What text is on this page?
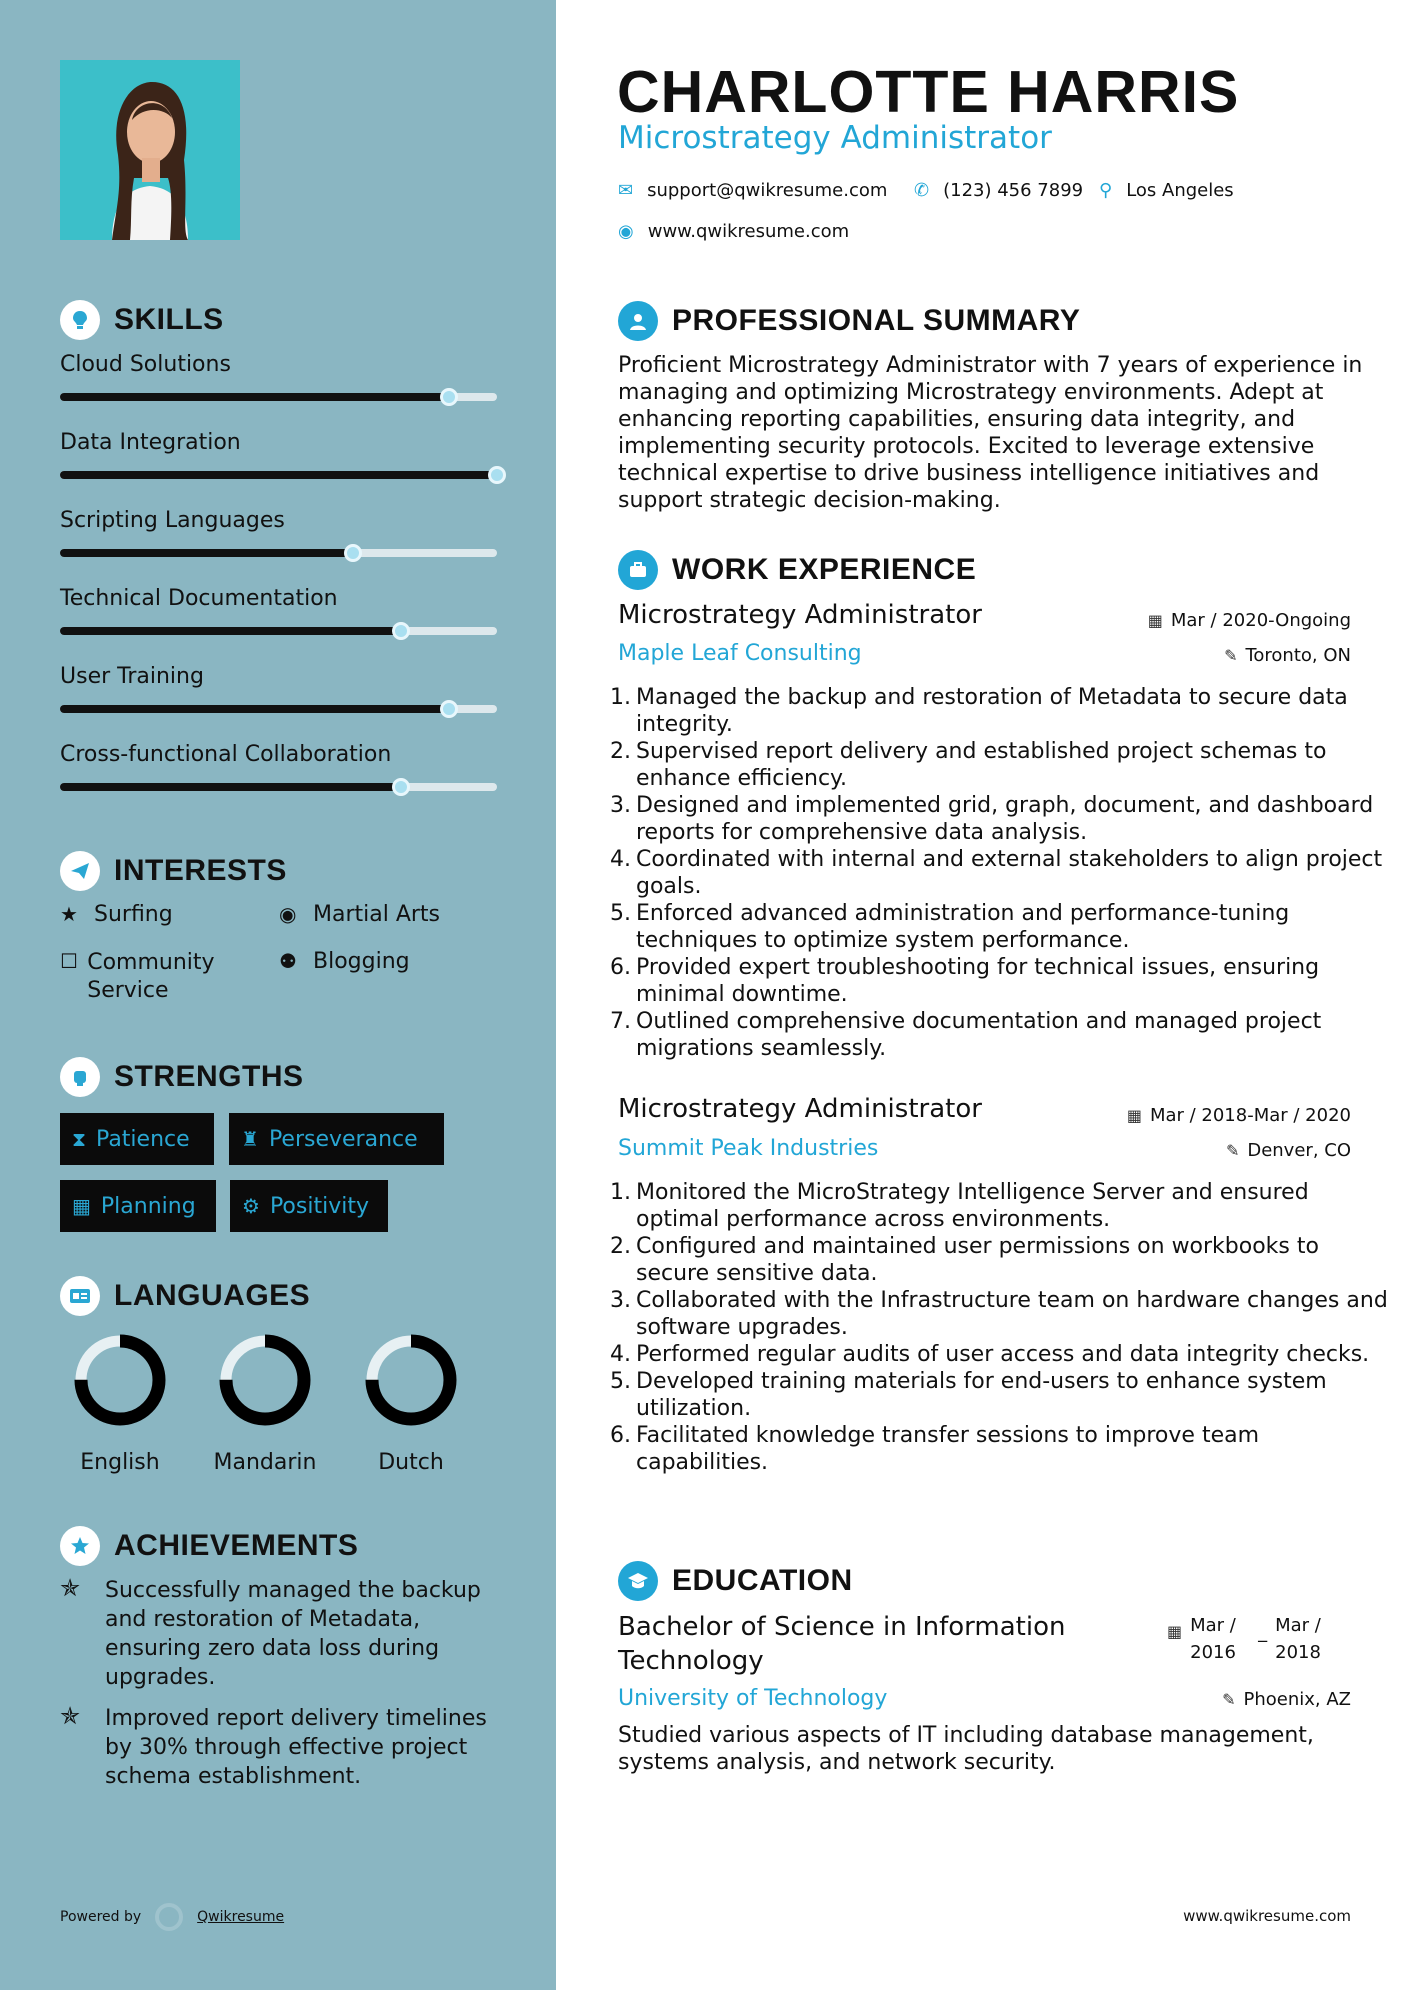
SKILLS
Cloud Solutions
Data Integration
Scripting Languages
Technical Documentation
User Training
Cross-functional Collaboration
INTERESTS
★ Surfing	◉ Martial Arts
☐ Community Service
⚉ Blogging
STRENGTHS
⧗ Patience	♜ Perseverance
▦ Planning ⚙ Positivity
LANGUAGES
English	Mandarin	Dutch
ACHIEVEMENTS
✯	Successfully managed the backup and restoration of Metadata, ensuring zero data loss during upgrades.
✯	Improved report delivery timelines by 30% through effective project schema establishment.
Powered by	Qwikresume
CHARLOTTE HARRIS
Microstrategy Administrator
✉ support@qwikresume.com ✆ (123) 456 7899 ⚲ Los Angeles
◉ www.qwikresume.com
PROFESSIONAL SUMMARY
Proficient Microstrategy Administrator with 7 years of experience in managing and optimizing Microstrategy environments. Adept at enhancing reporting capabilities, ensuring data integrity, and implementing security protocols. Excited to leverage extensive technical expertise to drive business intelligence initiatives and support strategic decision-making.
WORK EXPERIENCE
Microstrategy Administrator	▦ Mar / 2020-Ongoing
Maple Leaf Consulting	✎ Toronto, ON
1. Managed the backup and restoration of Metadata to secure data integrity.
2. Supervised report delivery and established project schemas to enhance efficiency.
3. Designed and implemented grid, graph, document, and dashboard reports for comprehensive data analysis.
4. Coordinated with internal and external stakeholders to align project goals.
5. Enforced advanced administration and performance-tuning techniques to optimize system performance.
6. Provided expert troubleshooting for technical issues, ensuring minimal downtime.
7. Outlined comprehensive documentation and managed project migrations seamlessly.
Microstrategy Administrator	▦ Mar / 2018-Mar / 2020
Summit Peak Industries	✎ Denver, CO
1. Monitored the MicroStrategy Intelligence Server and ensured optimal performance across environments.
2. Configured and maintained user permissions on workbooks to secure sensitive data.
3. Collaborated with the Infrastructure team on hardware changes and software upgrades.
4. Performed regular audits of user access and data integrity checks.
5. Developed training materials for end-users to enhance system utilization.
6. Facilitated knowledge transfer sessions to improve team capabilities.
EDUCATION
Bachelor of Science in Information Technology
▦ Mar / 2016
_ Mar / 2018
University of Technology	✎ Phoenix, AZ
Studied various aspects of IT including database management, systems analysis, and network security.
www.qwikresume.com
